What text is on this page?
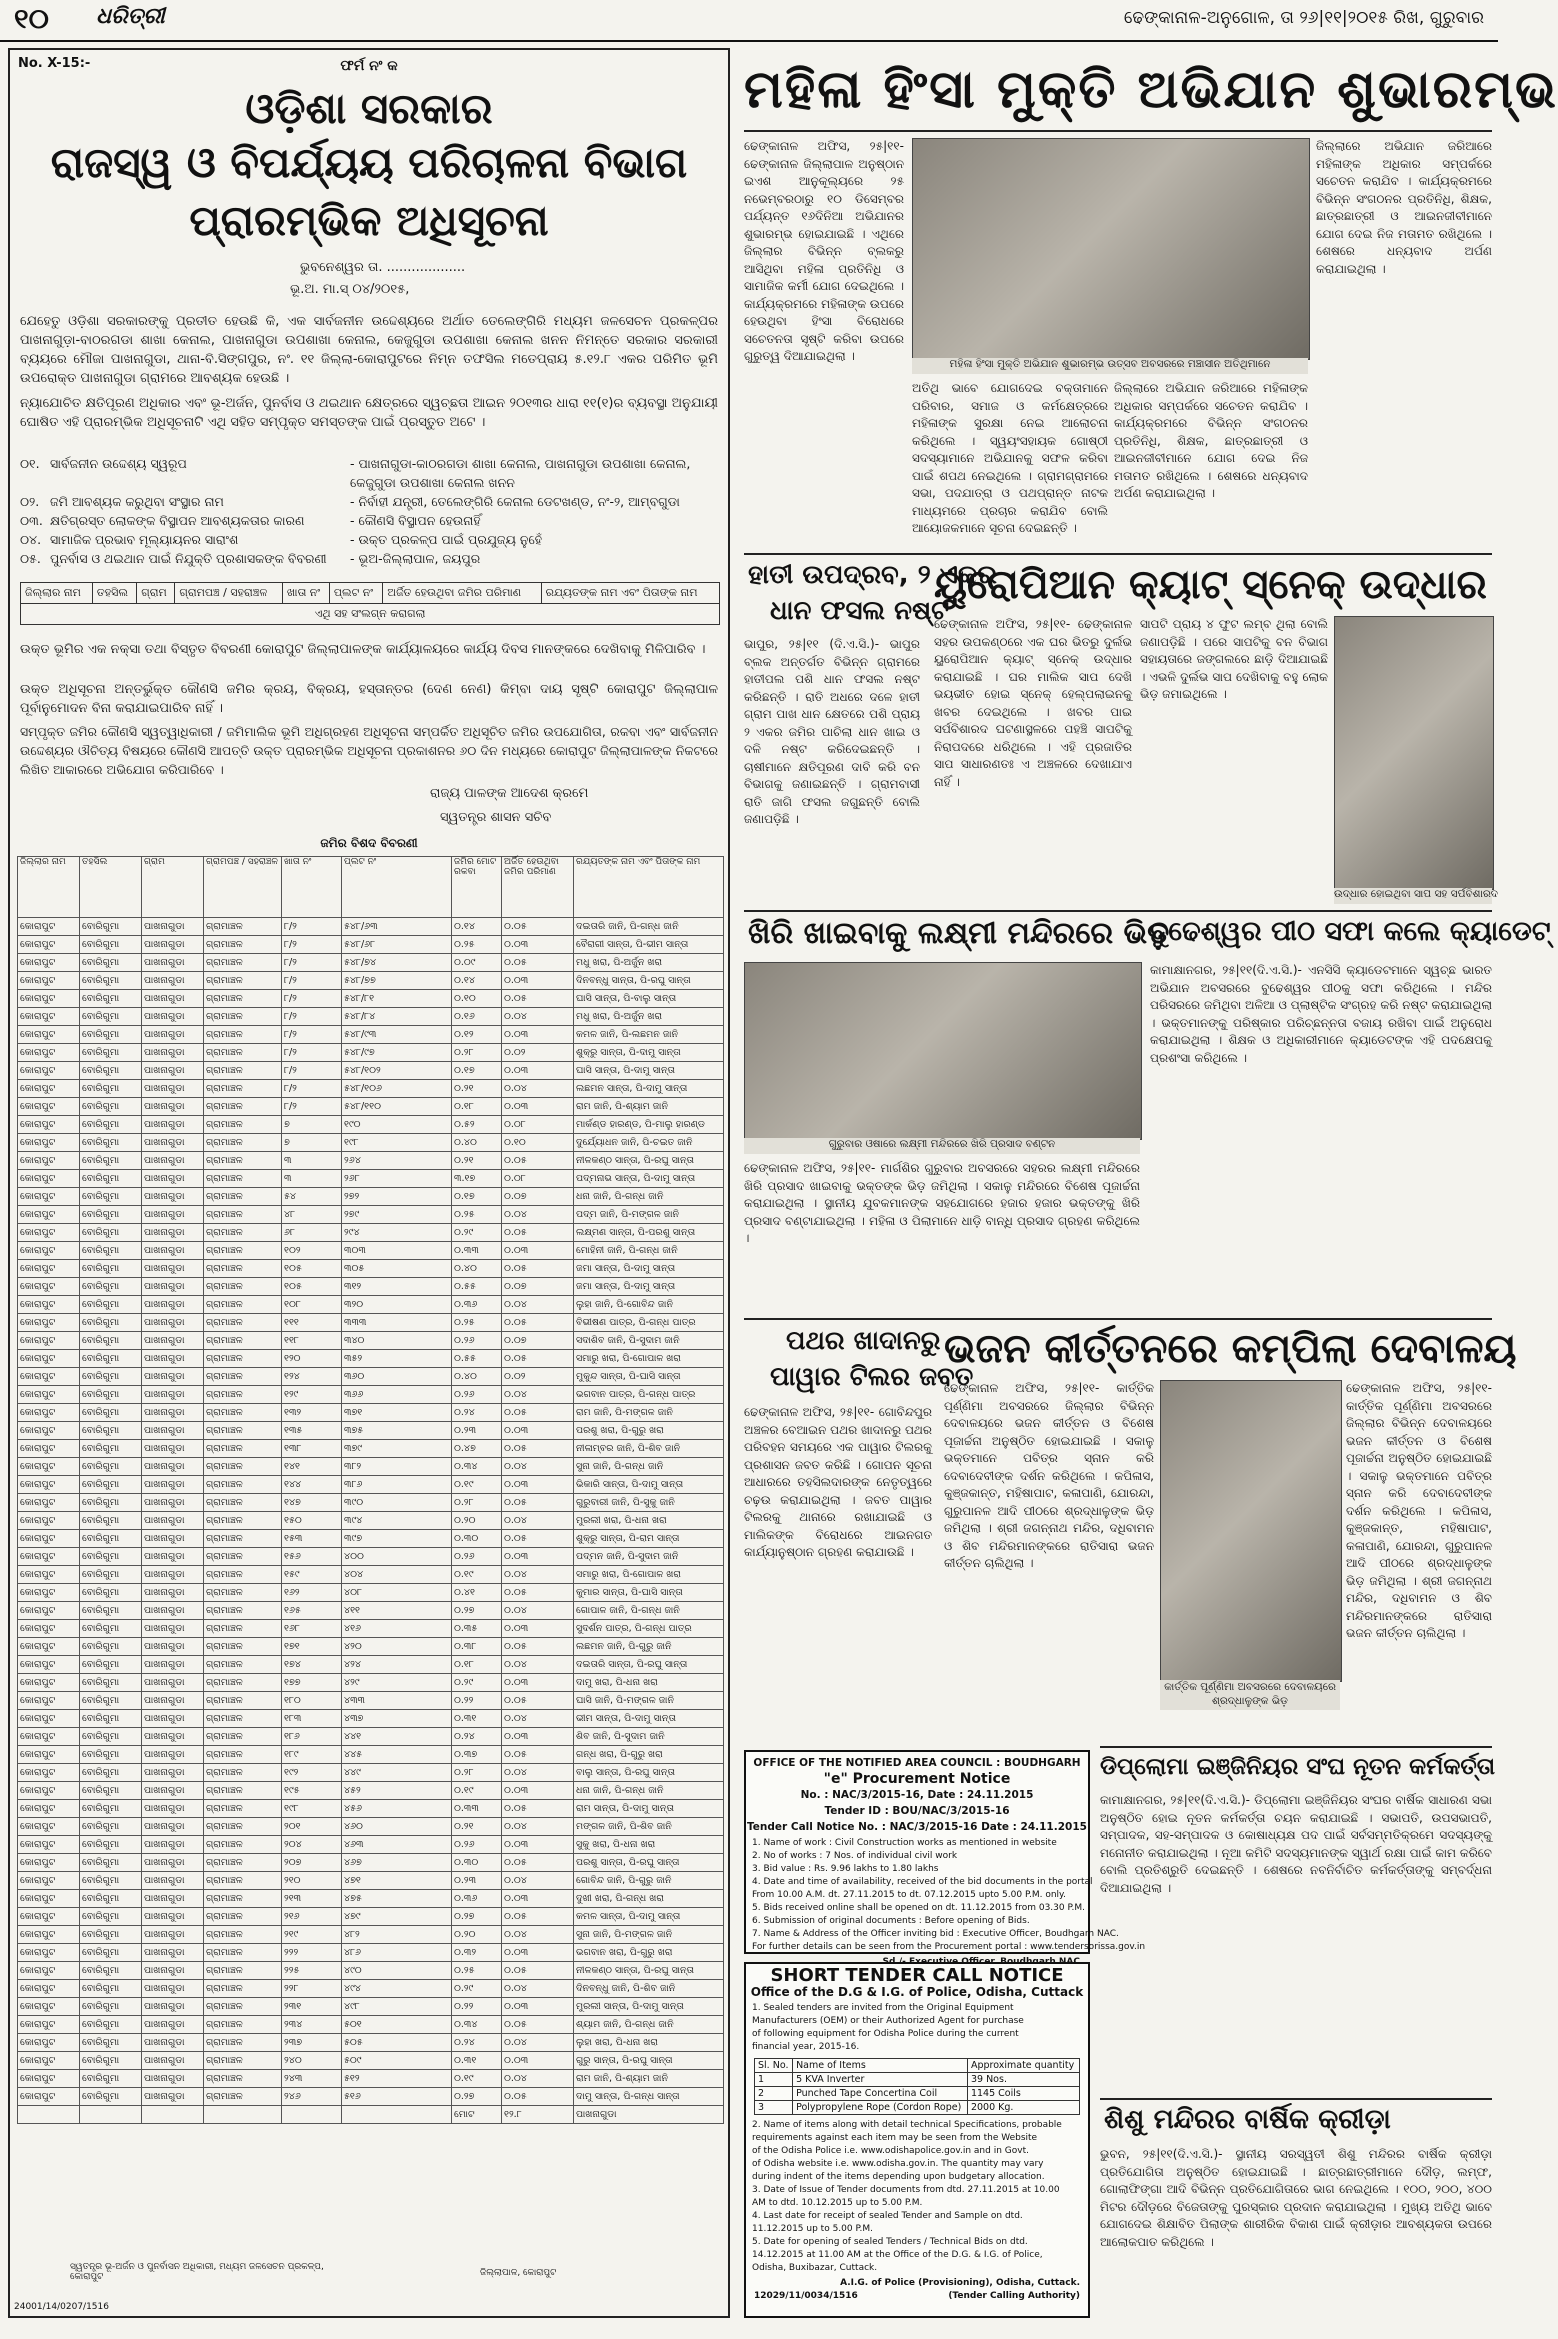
୧୦ ଧରିତ୍ରୀ	ଢେଙ୍କାନାଳ-ଅନୁଗୋଳ, ତା ୨୬|୧୧|୨୦୧୫ ରିଖ, ଗୁରୁବାର
No. X-15:-	ଫର୍ମ ନଂ କ
ଓଡ଼ିଶା ସରକାର
ରାଜସ୍ୱ ଓ ବିପର୍ଯ୍ୟୟ ପରିଚାଳନା ବିଭାଗ
ପ୍ରାରମ୍ଭିକ ଅଧିସୂଚନା
ଭୁବନେଶ୍ୱର ତା. ...................
ଭୂ.ଅ. ମା.ସ୍ ୦୪/୨୦୧୫,
ଯେହେତୁ ଓଡ଼ିଶା ସରକାରଙ୍କୁ ପ୍ରତୀତ ହେଉଛି କି, ଏକ ସାର୍ବଜନୀନ ଉଦ୍ଦେଶ୍ୟରେ ଅର୍ଥାତ ତେଲେଙ୍ଗିରି ମଧ୍ୟମ ଜଳସେଚନ ପ୍ରକଳ୍ପର ପାଖନାଗୁଡ଼ା-ବାଠରଗଡା ଶାଖା କେନାଲ, ପାଖନାଗୁଡା ଉପଶାଖା କେନାଲ, କେଜୁଗୁଡା ଉପଶାଖା କେନାଲ ଖନନ ନିମନ୍ତେ ସରକାର ସରକାରୀ ବ୍ୟୟରେ ମୌଜା ପାଖନାଗୁଡା, ଥାନା-ବି.ସିଙ୍ଗପୁର, ନଂ. ୧୧ ଜିଲ୍ଲା-କୋରାପୁଟରେ ନିମ୍ନ ତଫସିଲ ମତେପ୍ରାୟ ୫.୧୨.୮ ଏକର ପରିମିତ ଭୂମି ଉପରୋକ୍ତ ପାଖନାଗୁଡା ଗ୍ରାମରେ ଆବଶ୍ୟକ ହେଉଛି ।
ନ୍ୟାଯୋଚିତ କ୍ଷତିପୂରଣ ଅଧିକାର ଏବଂ ଭୂ-ଅର୍ଜନ, ପୁନର୍ବାସ ଓ ଥଇଥାନ କ୍ଷେତ୍ରରେ ସ୍ୱଚ୍ଛତା ଆଇନ ୨୦୧୩ର ଧାରା ୧୧(୧)ର ବ୍ୟବସ୍ଥା ଅନୁଯାୟୀ ଘୋଷିତ ଏହି ପ୍ରାରମ୍ଭିକ ଅଧିସୂଚନାଟି ଏଥି ସହିତ ସମ୍ପୃକ୍ତ ସମସ୍ତଙ୍କ ପାଇଁ ପ୍ରସ୍ତୁତ ଅଟେ ।
୦୧. ସାର୍ବଜନୀନ ଉଦ୍ଦେଶ୍ୟ ସ୍ୱରୂପ	- ପାଖନାଗୁଡା-କାଠରଗଡା ଶାଖା କେନାଲ, ପାଖନାଗୁଡା ଉପଶାଖା କେନାଲ,
କେଜୁଗୁଡା ଉପଶାଖା କେନାଲ ଖନନ
୦୨. ଜମି ଆବଶ୍ୟକ କରୁଥିବା ସଂସ୍ଥାର ନାମ	- ନିର୍ବାହୀ ଯନ୍ତ୍ରୀ, ତେଲେଙ୍ଗିରି କେନାଲ ଡେଟଖଣ୍ଡ, ନଂ-୨, ଆମ୍ବଗୁଡା
୦୩. କ୍ଷତିଗ୍ରସ୍ତ ଲୋକଙ୍କ ବିସ୍ଥାପନ ଆବଶ୍ୟକତାର କାରଣ	- କୌଣସି ବିସ୍ଥାପନ ହେଉନାହିଁ
୦୪. ସାମାଜିକ ପ୍ରଭାବ ମୂଲ୍ୟାୟନର ସାରାଂଶ	- ଉକ୍ତ ପ୍ରକଳ୍ପ ପାଇଁ ପ୍ରଯୁଜ୍ୟ ନୁହେଁ
୦୫. ପୁନର୍ବାସ ଓ ଥଇଥାନ ପାଇଁ ନିଯୁକ୍ତି ପ୍ରଶାସକଙ୍କ ବିବରଣୀ	- ଭୂଅ-ଜିଲ୍ଲାପାଳ, ଜୟପୁର
ଜିଲ୍ଲାର ନାମ	ତହସିଲ	ଗ୍ରାମ	ଗ୍ରାମପଞ୍ଚ / ସହରାଞ୍ଚଳ	ଖାତା ନଂ	ପ୍ଲଟ ନଂ	ଅର୍ଜିତ ହେଉଥିବା ଜମିର ପରିମାଣ	ରଯ୍ୟତଙ୍କ ନାମ ଏବଂ ପିତାଙ୍କ ନାମ
ଏଥି ସହ ସଂଲଗ୍ନ କରାଗଲା
ଉକ୍ତ ଭୂମିର ଏକ ନକ୍ସା ତଥା ବିସ୍ତୃତ ବିବରଣୀ କୋରାପୁଟ ଜିଲ୍ଲାପାଳଙ୍କ କାର୍ଯ୍ୟାଳୟରେ କାର୍ଯ୍ୟ ଦିବସ ମାନଙ୍କରେ ଦେଖିବାକୁ ମିଳିପାରିବ ।
ଉକ୍ତ ଅଧିସୂଚନା ଅନ୍ତର୍ଭୁକ୍ତ କୌଣସି ଜମିର କ୍ରୟ, ବିକ୍ରୟ, ହସ୍ତାନ୍ତର (ଦେଣ ନେଣ) କିମ୍ବା ଦାୟ ସୃଷ୍ଟି କୋରାପୁଟ ଜିଲ୍ଲାପାଳ ପୂର୍ବାନୁମୋଦନ ବିନା କରାଯାଇପାରିବ ନାହିଁ ।
ସମ୍ପୃକ୍ତ ଜମିର କୌଣସି ସ୍ୱତ୍ୱାଧିକାରୀ / ଜମିମାଲିକ ଭୂମି ଅଧିଗ୍ରହଣ ଅଧିସୂଚନା ସମ୍ପର୍କିତ ଅଧିସୂଚିତ ଜମିର ଉପଯୋଗିତା, ରକବା ଏବଂ ସାର୍ବଜନୀନ ଉଦ୍ଦେଶ୍ୟର ଔଚିତ୍ୟ ବିଷୟରେ କୌଣସି ଆପତ୍ତି ଉକ୍ତ ପ୍ରାରମ୍ଭିକ ଅଧିସୂଚନା ପ୍ରକାଶନର ୬୦ ଦିନ ମଧ୍ୟରେ କୋରାପୁଟ ଜିଲ୍ଲାପାଳଙ୍କ ନିକଟରେ ଲିଖିତ ଆକାରରେ ଅଭିଯୋଗ କରିପାରିବେ ।
ରାଜ୍ୟ ପାଳଙ୍କ ଆଦେଶ କ୍ରମେ
ସ୍ୱତନ୍ତ୍ର ଶାସନ ସଚିବ
ଜମିର ବିଶଦ ବିବରଣୀ
ଜିଲ୍ଲାର ନାମ	ତହସିଲ	ଗ୍ରାମ	ଗ୍ରାମପଞ୍ଚ / ସହରାଞ୍ଚଳ	ଖାତା ନଂ	ପ୍ଲଟ ନଂ	ଜମିର ମୋଟ ରକବା	ଅର୍ଜିତ ହେଉଥିବା ଜମିର ପରିମାଣ	ରଯ୍ୟତଙ୍କ ନାମ ଏବଂ ପିତାଙ୍କ ନାମ
କୋରାପୁଟ	ବୋରିଗୁମା	ପାଖନାଗୁଡା	ଗ୍ରାମାଞ୍ଚଳ	୮/୨	୫୪୮/୬୩	୦.୧୪	୦.୦୫	ଦଇତାରି ଜାନି, ପି-ଗନ୍ଧ ଜାନି
କୋରାପୁଟ	ବୋରିଗୁମା	ପାଖନାଗୁଡା	ଗ୍ରାମାଞ୍ଚଳ	୮/୨	୫୪୮/୬୮	୦.୨୫	୦.୦୩	ବୈରାଗୀ ସାନ୍ତା, ପି-ଭୀମ ସାନ୍ତା
କୋରାପୁଟ	ବୋରିଗୁମା	ପାଖନାଗୁଡା	ଗ୍ରାମାଞ୍ଚଳ	୮/୨	୫୪୮/୭୪	୦.୦୯	୦.୦୫	ମଧୁ ଖରା, ପି-ଅର୍ଜୁନ ଖରା
କୋରାପୁଟ	ବୋରିଗୁମା	ପାଖନାଗୁଡା	ଗ୍ରାମାଞ୍ଚଳ	୮/୨	୫୪୮/୭୭	୦.୧୪	୦.୦୩	ଦିନବନ୍ଧୁ ସାନ୍ତା, ପି-ରଘୁ ସାନ୍ତା
କୋରାପୁଟ	ବୋରିଗୁମା	ପାଖନାଗୁଡା	ଗ୍ରାମାଞ୍ଚଳ	୮/୨	୫୪୮/୮୧	୦.୧୦	୦.୦୫	ଘାସି ସାନ୍ତା, ପି-ବାଲୁ ସାନ୍ତା
କୋରାପୁଟ	ବୋରିଗୁମା	ପାଖନାଗୁଡା	ଗ୍ରାମାଞ୍ଚଳ	୮/୨	୫୪୮/୮୪	୦.୧୬	୦.୦୪	ମଧୁ ଖରା, ପି-ଅର୍ଜୁନ ଖରା
କୋରାପୁଟ	ବୋରିଗୁମା	ପାଖନାଗୁଡା	ଗ୍ରାମାଞ୍ଚଳ	୮/୨	୫୪୮/୯୩	୦.୧୨	୦.୦୩	କମଳ ଜାନି, ପି-ଲଛମନ ଜାନି
କୋରାପୁଟ	ବୋରିଗୁମା	ପାଖନାଗୁଡା	ଗ୍ରାମାଞ୍ଚଳ	୮/୨	୫୪୮/୯୭	୦.୨୮	୦.୦୨	ଶୁକ୍ରୁ ସାନ୍ତା, ପି-ଦାମୁ ସାନ୍ତା
କୋରାପୁଟ	ବୋରିଗୁମା	ପାଖନାଗୁଡା	ଗ୍ରାମାଞ୍ଚଳ	୮/୨	୫୪୮/୧୦୨	୦.୧୭	୦.୦୩	ଘାସି ସାନ୍ତା, ପି-ଦାମୁ ସାନ୍ତା
କୋରାପୁଟ	ବୋରିଗୁମା	ପାଖନାଗୁଡା	ଗ୍ରାମାଞ୍ଚଳ	୮/୨	୫୪୮/୧୦୬	୦.୨୧	୦.୦୪	ଲଛମନ ସାନ୍ତା, ପି-ଦାମୁ ସାନ୍ତା
କୋରାପୁଟ	ବୋରିଗୁମା	ପାଖନାଗୁଡା	ଗ୍ରାମାଞ୍ଚଳ	୮/୨	୫୪୮/୧୧୦	୦.୧୮	୦.୦୩	ରାମ ଜାନି, ପି-ଶ୍ୟାମ ଜାନି
କୋରାପୁଟ	ବୋରିଗୁମା	ପାଖନାଗୁଡା	ଗ୍ରାମାଞ୍ଚଳ	୭	୧୯୦	୦.୫୨	୦.୦୮	ମାର୍କଣ୍ଡ ହାରଣ୍ଡ, ପି-ମାଲୁ ହାରଣ୍ଡ
କୋରାପୁଟ	ବୋରିଗୁମା	ପାଖନାଗୁଡା	ଗ୍ରାମାଞ୍ଚଳ	୭	୧୯୮	୦.୪୦	୦.୧୦	ଦୁର୍ଯ୍ୟୋଧନ ଜାନି, ପି-ଚଇତ ଜାନି
କୋରାପୁଟ	ବୋରିଗୁମା	ପାଖନାଗୁଡା	ଗ୍ରାମାଞ୍ଚଳ	୩	୨୬୪	୦.୨୧	୦.୦୫	ନୀଳକଣ୍ଠ ସାନ୍ତା, ପି-ରଘୁ ସାନ୍ତା
କୋରାପୁଟ	ବୋରିଗୁମା	ପାଖନାଗୁଡା	ଗ୍ରାମାଞ୍ଚଳ	୩	୨୬୮	୩.୧୭	୦.୦୮	ପଦ୍ମନାଭ ସାନ୍ତା, ପି-ଦାମୁ ସାନ୍ତା
କୋରାପୁଟ	ବୋରିଗୁମା	ପାଖନାଗୁଡା	ଗ୍ରାମାଞ୍ଚଳ	୫୪	୨୭୨	୦.୧୭	୦.୦୭	ଧନା ଜାନି, ପି-ଗନ୍ଧ ଜାନି
କୋରାପୁଟ	ବୋରିଗୁମା	ପାଖନାଗୁଡା	ଗ୍ରାମାଞ୍ଚଳ	୪୮	୨୭୯	୦.୨୫	୦.୦୪	ପଦ୍ମ ଜାନି, ପି-ମଙ୍ଗଳ ଜାନି
କୋରାପୁଟ	ବୋରିଗୁମା	ପାଖନାଗୁଡା	ଗ୍ରାମାଞ୍ଚଳ	୬୮	୨୯୪	୦.୨୯	୦.୦୫	ଲକ୍ଷ୍ମଣ ସାନ୍ତା, ପି-ପରଶୁ ସାନ୍ତା
କୋରାପୁଟ	ବୋରିଗୁମା	ପାଖନାଗୁଡା	ଗ୍ରାମାଞ୍ଚଳ	୧୦୨	୩୦୩	୦.୩୩	୦.୦୩	ମୋହିନୀ ଜାନି, ପି-ଗନ୍ଧ ଜାନି
କୋରାପୁଟ	ବୋରିଗୁମା	ପାଖନାଗୁଡା	ଗ୍ରାମାଞ୍ଚଳ	୧୦୫	୩୦୫	୦.୪୦	୦.୦୫	ଜମା ସାନ୍ତା, ପି-ଦାମୁ ସାନ୍ତା
କୋରାପୁଟ	ବୋରିଗୁମା	ପାଖନାଗୁଡା	ଗ୍ରାମାଞ୍ଚଳ	୧୦୫	୩୧୨	୦.୫୫	୦.୦୭	ଜମା ସାନ୍ତା, ପି-ଦାମୁ ସାନ୍ତା
କୋରାପୁଟ	ବୋରିଗୁମା	ପାଖନାଗୁଡା	ଗ୍ରାମାଞ୍ଚଳ	୧୦୮	୩୨୦	୦.୩୬	୦.୦୪	ଲୁହା ଜାନି, ପି-ଗୋବିନ୍ଦ ଜାନି
କୋରାପୁଟ	ବୋରିଗୁମା	ପାଖନାଗୁଡା	ଗ୍ରାମାଞ୍ଚଳ	୧୧୧	୩୩୩	୦.୨୫	୦.୦୫	ବିଭୀଷଣ ପାତ୍ର, ପି-ଗନ୍ଧ ପାତ୍ର
କୋରାପୁଟ	ବୋରିଗୁମା	ପାଖନାଗୁଡା	ଗ୍ରାମାଞ୍ଚଳ	୧୧୮	୩୪୦	୦.୨୬	୦.୦୭	ସଦାଶିବ ଜାନି, ପି-ସୁଦାମ ଜାନି
କୋରାପୁଟ	ବୋରିଗୁମା	ପାଖନାଗୁଡା	ଗ୍ରାମାଞ୍ଚଳ	୧୨୦	୩୫୨	୦.୫୫	୦.୦୫	ସମାରୁ ଖରା, ପି-ଗୋପାଳ ଖରା
କୋରାପୁଟ	ବୋରିଗୁମା	ପାଖନାଗୁଡା	ଗ୍ରାମାଞ୍ଚଳ	୧୨୪	୩୬୦	୦.୪୦	୦.୦୨	ମୁକୁନ୍ଦ ସାନ୍ତା, ପି-ଘାସି ସାନ୍ତା
କୋରାପୁଟ	ବୋରିଗୁମା	ପାଖନାଗୁଡା	ଗ୍ରାମାଞ୍ଚଳ	୧୨୯	୩୬୬	୦.୨୬	୦.୦୪	ଭଗବାନ ପାତ୍ର, ପି-ଗନ୍ଧ ପାତ୍ର
କୋରାପୁଟ	ବୋରିଗୁମା	ପାଖନାଗୁଡା	ଗ୍ରାମାଞ୍ଚଳ	୧୩୨	୩୭୧	୦.୨୪	୦.୦୫	ରାମ ଜାନି, ପି-ମଙ୍ଗଳ ଜାନି
କୋରାପୁଟ	ବୋରିଗୁମା	ପାଖନାଗୁଡା	ଗ୍ରାମାଞ୍ଚଳ	୧୩୫	୩୭୫	୦.୨୩	୦.୦୩	ପରଶୁ ଖରା, ପି-ଗୁରୁ ଖରା
କୋରାପୁଟ	ବୋରିଗୁମା	ପାଖନାଗୁଡା	ଗ୍ରାମାଞ୍ଚଳ	୧୩୮	୩୭୯	୦.୪୭	୦.୦୫	ନୀଳାମ୍ବର ଜାନି, ପି-ଶିବ ଜାନି
କୋରାପୁଟ	ବୋରିଗୁମା	ପାଖନାଗୁଡା	ଗ୍ରାମାଞ୍ଚଳ	୧୪୧	୩୮୨	୦.୩୪	୦.୦୪	ସୁନା ଜାନି, ପି-ଗନ୍ଧ ଜାନି
କୋରାପୁଟ	ବୋରିଗୁମା	ପାଖନାଗୁଡା	ଗ୍ରାମାଞ୍ଚଳ	୧୪୪	୩୮୬	୦.୧୯	୦.୦୩	ଭିକାରି ସାନ୍ତା, ପି-ଦାମୁ ସାନ୍ତା
କୋରାପୁଟ	ବୋରିଗୁମା	ପାଖନାଗୁଡା	ଗ୍ରାମାଞ୍ଚଳ	୧୪୭	୩୯୦	୦.୨୮	୦.୦୫	ଗୁରୁବାରୀ ଜାନି, ପି-ସୁକୁ ଜାନି
କୋରାପୁଟ	ବୋରିଗୁମା	ପାଖନାଗୁଡା	ଗ୍ରାମାଞ୍ଚଳ	୧୫୦	୩୯୪	୦.୨୦	୦.୦୪	ମୁରଲୀ ଖରା, ପି-ଧନା ଖରା
କୋରାପୁଟ	ବୋରିଗୁମା	ପାଖନାଗୁଡା	ଗ୍ରାମାଞ୍ଚଳ	୧୫୩	୩୯୭	୦.୩୦	୦.୦୫	ଶୁକ୍ରୁ ସାନ୍ତା, ପି-ରାମ ସାନ୍ତା
କୋରାପୁଟ	ବୋରିଗୁମା	ପାଖନାଗୁଡା	ଗ୍ରାମାଞ୍ଚଳ	୧୫୬	୪୦୦	୦.୨୬	୦.୦୩	ପଦ୍ମନ ଜାନି, ପି-ସୁଦାମ ଜାନି
କୋରାପୁଟ	ବୋରିଗୁମା	ପାଖନାଗୁଡା	ଗ୍ରାମାଞ୍ଚଳ	୧୫୯	୪୦୪	୦.୧୯	୦.୦୪	ସମାରୁ ଖରା, ପି-ଗୋପାଳ ଖରା
କୋରାପୁଟ	ବୋରିଗୁମା	ପାଖନାଗୁଡା	ଗ୍ରାମାଞ୍ଚଳ	୧୬୨	୪୦୮	୦.୪୧	୦.୦୫	କୁମାର ସାନ୍ତା, ପି-ଘାସି ସାନ୍ତା
କୋରାପୁଟ	ବୋରିଗୁମା	ପାଖନାଗୁଡା	ଗ୍ରାମାଞ୍ଚଳ	୧୬୫	୪୧୧	୦.୨୭	୦.୦୪	ଗୋପାଳ ଜାନି, ପି-ଗନ୍ଧ ଜାନି
କୋରାପୁଟ	ବୋରିଗୁମା	ପାଖନାଗୁଡା	ଗ୍ରାମାଞ୍ଚଳ	୧୬୮	୪୧୬	୦.୩୫	୦.୦୩	ସୁଦର୍ଶନ ପାତ୍ର, ପି-ଗନ୍ଧ ପାତ୍ର
କୋରାପୁଟ	ବୋରିଗୁମା	ପାଖନାଗୁଡା	ଗ୍ରାମାଞ୍ଚଳ	୧୭୧	୪୨୦	୦.୩୮	୦.୦୫	ଲଛମନ ଜାନି, ପି-ଗୁରୁ ଜାନି
କୋରାପୁଟ	ବୋରିଗୁମା	ପାଖନାଗୁଡା	ଗ୍ରାମାଞ୍ଚଳ	୧୭୪	୪୨୪	୦.୧୮	୦.୦୪	ଦଇତାରି ସାନ୍ତା, ପି-ରଘୁ ସାନ୍ତା
କୋରାପୁଟ	ବୋରିଗୁମା	ପାଖନାଗୁଡା	ଗ୍ରାମାଞ୍ଚଳ	୧୭୭	୪୨୯	୦.୨୯	୦.୦୩	ଦାମୁ ଖରା, ପି-ଧନା ଖରା
କୋରାପୁଟ	ବୋରିଗୁମା	ପାଖନାଗୁଡା	ଗ୍ରାମାଞ୍ଚଳ	୧୮୦	୪୩୩	୦.୨୨	୦.୦୫	ଘାସି ଜାନି, ପି-ମଙ୍ଗଳ ଜାନି
କୋରାପୁଟ	ବୋରିଗୁମା	ପାଖନାଗୁଡା	ଗ୍ରାମାଞ୍ଚଳ	୧୮୩	୪୩୭	୦.୩୧	୦.୦୪	ଭୀମ ସାନ୍ତା, ପି-ଦାମୁ ସାନ୍ତା
କୋରାପୁଟ	ବୋରିଗୁମା	ପାଖନାଗୁଡା	ଗ୍ରାମାଞ୍ଚଳ	୧୮୬	୪୪୧	୦.୨୪	୦.୦୩	ଶିବ ଜାନି, ପି-ସୁଦାମ ଜାନି
କୋରାପୁଟ	ବୋରିଗୁମା	ପାଖନାଗୁଡା	ଗ୍ରାମାଞ୍ଚଳ	୧୮୯	୪୪୫	୦.୩୭	୦.୦୫	ଗନ୍ଧ ଖରା, ପି-ଗୁରୁ ଖରା
କୋରାପୁଟ	ବୋରିଗୁମା	ପାଖନାଗୁଡା	ଗ୍ରାମାଞ୍ଚଳ	୧୯୨	୪୪୯	୦.୨୮	୦.୦୪	ବାଲୁ ସାନ୍ତା, ପି-ରଘୁ ସାନ୍ତା
କୋରାପୁଟ	ବୋରିଗୁମା	ପାଖନାଗୁଡା	ଗ୍ରାମାଞ୍ଚଳ	୧୯୫	୪୫୨	୦.୧୯	୦.୦୩	ଧନା ଜାନି, ପି-ଗନ୍ଧ ଜାନି
କୋରାପୁଟ	ବୋରିଗୁମା	ପାଖନାଗୁଡା	ଗ୍ରାମାଞ୍ଚଳ	୧୯୮	୪୫୬	୦.୩୩	୦.୦୫	ରାମ ସାନ୍ତା, ପି-ଦାମୁ ସାନ୍ତା
କୋରାପୁଟ	ବୋରିଗୁମା	ପାଖନାଗୁଡା	ଗ୍ରାମାଞ୍ଚଳ	୨୦୧	୪୬୦	୦.୨୧	୦.୦୪	ମଙ୍ଗଳ ଜାନି, ପି-ଶିବ ଜାନି
କୋରାପୁଟ	ବୋରିଗୁମା	ପାଖନାଗୁଡା	ଗ୍ରାମାଞ୍ଚଳ	୨୦୪	୪୬୩	୦.୨୬	୦.୦୩	ସୁକୁ ଖରା, ପି-ଧନା ଖରା
କୋରାପୁଟ	ବୋରିଗୁମା	ପାଖନାଗୁଡା	ଗ୍ରାମାଞ୍ଚଳ	୨୦୭	୪୬୭	୦.୩୦	୦.୦୫	ପରଶୁ ସାନ୍ତା, ପି-ରଘୁ ସାନ୍ତା
କୋରାପୁଟ	ବୋରିଗୁମା	ପାଖନାଗୁଡା	ଗ୍ରାମାଞ୍ଚଳ	୨୧୦	୪୭୧	୦.୨୩	୦.୦୪	ଗୋବିନ୍ଦ ଜାନି, ପି-ଗୁରୁ ଜାନି
କୋରାପୁଟ	ବୋରିଗୁମା	ପାଖନାଗୁଡା	ଗ୍ରାମାଞ୍ଚଳ	୨୧୩	୪୭୫	୦.୩୬	୦.୦୩	ଦୁଖୀ ଖରା, ପି-ଗନ୍ଧ ଖରା
କୋରାପୁଟ	ବୋରିଗୁମା	ପାଖନାଗୁଡା	ଗ୍ରାମାଞ୍ଚଳ	୨୧୬	୪୭୯	୦.୨୭	୦.୦୫	କମଳ ସାନ୍ତା, ପି-ଦାମୁ ସାନ୍ତା
କୋରାପୁଟ	ବୋରିଗୁମା	ପାଖନାଗୁଡା	ଗ୍ରାମାଞ୍ଚଳ	୨୧୯	୪୮୨	୦.୨୦	୦.୦୪	ସୁନା ଜାନି, ପି-ମଙ୍ଗଳ ଜାନି
କୋରାପୁଟ	ବୋରିଗୁମା	ପାଖନାଗୁଡା	ଗ୍ରାମାଞ୍ଚଳ	୨୨୨	୪୮୬	୦.୩୨	୦.୦୩	ଭଗବାନ ଖରା, ପି-ଗୁରୁ ଖରା
କୋରାପୁଟ	ବୋରିଗୁମା	ପାଖନାଗୁଡା	ଗ୍ରାମାଞ୍ଚଳ	୨୨୫	୪୯୦	୦.୨୫	୦.୦୫	ନୀଳକଣ୍ଠ ସାନ୍ତା, ପି-ରଘୁ ସାନ୍ତା
କୋରାପୁଟ	ବୋରିଗୁମା	ପାଖନାଗୁଡା	ଗ୍ରାମାଞ୍ଚଳ	୨୨୮	୪୯୪	୦.୨୯	୦.୦୪	ଦିନବନ୍ଧୁ ଜାନି, ପି-ଶିବ ଜାନି
କୋରାପୁଟ	ବୋରିଗୁମା	ପାଖନାଗୁଡା	ଗ୍ରାମାଞ୍ଚଳ	୨୩୧	୪୯୮	୦.୨୨	୦.୦୩	ମୁରଲୀ ସାନ୍ତା, ପି-ଦାମୁ ସାନ୍ତା
କୋରାପୁଟ	ବୋରିଗୁମା	ପାଖନାଗୁଡା	ଗ୍ରାମାଞ୍ଚଳ	୨୩୪	୫୦୧	୦.୩୪	୦.୦୫	ଶ୍ୟାମ ଜାନି, ପି-ଗନ୍ଧ ଜାନି
କୋରାପୁଟ	ବୋରିଗୁମା	ପାଖନାଗୁଡା	ଗ୍ରାମାଞ୍ଚଳ	୨୩୭	୫୦୫	୦.୨୪	୦.୦୪	ଲୁହା ଖରା, ପି-ଧନା ଖରା
କୋରାପୁଟ	ବୋରିଗୁମା	ପାଖନାଗୁଡା	ଗ୍ରାମାଞ୍ଚଳ	୨୪୦	୫୦୯	୦.୩୧	୦.୦୩	ଗୁରୁ ସାନ୍ତା, ପି-ରଘୁ ସାନ୍ତା
କୋରାପୁଟ	ବୋରିଗୁମା	ପାଖନାଗୁଡା	ଗ୍ରାମାଞ୍ଚଳ	୨୪୩	୫୧୨	୦.୧୯	୦.୦୪	ରାମ ଜାନି, ପି-ଶ୍ୟାମ ଜାନି
କୋରାପୁଟ	ବୋରିଗୁମା	ପାଖନାଗୁଡା	ଗ୍ରାମାଞ୍ଚଳ	୨୪୬	୫୧୬	୦.୨୭	୦.୦୫	ଦାମୁ ସାନ୍ତା, ପି-ଗନ୍ଧ ସାନ୍ତା
						ମୋଟ	୧୨.୮	ପାଖନାଗୁଡା
ସ୍ୱତନ୍ତ୍ର ଭୂ-ଅର୍ଜନ ଓ ପୁନର୍ବାସନ ଅଧିକାରୀ, ମଧ୍ୟମ ଜଳସେଚନ ପ୍ରକଳ୍ପ, କୋରାପୁଟ	ଜିଲ୍ଲାପାଳ, କୋରାପୁଟ
24001/14/0207/1516
ମହିଳା ହିଂସା ମୁକ୍ତି ଅଭିଯାନ ଶୁଭାରମ୍ଭ
ଢେଙ୍କାନାଳ ଅଫିସ, ୨୫|୧୧- ଢେଙ୍କାନାଳ ଜିଲ୍ଲାପାଳ ଅନୁଷ୍ଠାନ ଇଏଶ ଆନୁକୂଲ୍ୟରେ ୨୫ ନଭେମ୍ବରଠାରୁ ୧୦ ଡିସେମ୍ବର ପର୍ଯ୍ୟନ୍ତ ୧୬ଦିନିଆ ଅଭିଯାନର ଶୁଭାରମ୍ଭ ହୋଇଯାଇଛି । ଏଥିରେ ଜିଲ୍ଲାର ବିଭିନ୍ନ ବ୍ଲକରୁ ଆସିଥିବା ମହିଳା ପ୍ରତିନିଧି ଓ ସାମାଜିକ କର୍ମୀ ଯୋଗ ଦେଇଥିଲେ । କାର୍ଯ୍ୟକ୍ରମରେ ମହିଳାଙ୍କ ଉପରେ ହେଉଥିବା ହିଂସା ବିରୋଧରେ ସଚେତନତା ସୃଷ୍ଟି କରିବା ଉପରେ ଗୁରୁତ୍ୱ ଦିଆଯାଇଥିଲା ।
ମହିଳା ହିଂସା ମୁକ୍ତି ଅଭିଯାନ ଶୁଭାରମ୍ଭ ଉତ୍ସବ ଅବସରରେ ମଞ୍ଚାସୀନ ଅତିଥିମାନେ
ଅତିଥି ଭାବେ ଯୋଗଦେଇ ବକ୍ତାମାନେ ପରିବାର, ସମାଜ ଓ କର୍ମକ୍ଷେତ୍ରରେ ମହିଳାଙ୍କ ସୁରକ୍ଷା ନେଇ ଆଲୋଚନା କରିଥିଲେ । ସ୍ୱୟଂସହାୟକ ଗୋଷ୍ଠୀ ସଦସ୍ୟାମାନେ ଅଭିଯାନକୁ ସଫଳ କରିବା ପାଇଁ ଶପଥ ନେଇଥିଲେ । ଗ୍ରାମଗ୍ରାମରେ ସଭା, ପଦଯାତ୍ରା ଓ ପଥପ୍ରାନ୍ତ ନାଟକ ମାଧ୍ୟମରେ ପ୍ରଚାର କରାଯିବ ବୋଲି ଆୟୋଜକମାନେ ସୂଚନା ଦେଇଛନ୍ତି ।
ଜିଲ୍ଲାରେ ଅଭିଯାନ ଜରିଆରେ ମହିଳାଙ୍କ ଅଧିକାର ସମ୍ପର୍କରେ ସଚେତନ କରାଯିବ । କାର୍ଯ୍ୟକ୍ରମରେ ବିଭିନ୍ନ ସଂଗଠନର ପ୍ରତିନିଧି, ଶିକ୍ଷକ, ଛାତ୍ରଛାତ୍ରୀ ଓ ଆଇନଜୀବୀମାନେ ଯୋଗ ଦେଇ ନିଜ ମତାମତ ରଖିଥିଲେ । ଶେଷରେ ଧନ୍ୟବାଦ ଅର୍ପଣ କରାଯାଇଥିଲା ।
ଜିଲ୍ଲାରେ ଅଭିଯାନ ଜରିଆରେ ମହିଳାଙ୍କ ଅଧିକାର ସମ୍ପର୍କରେ ସଚେତନ କରାଯିବ । କାର୍ଯ୍ୟକ୍ରମରେ ବିଭିନ୍ନ ସଂଗଠନର ପ୍ରତିନିଧି, ଶିକ୍ଷକ, ଛାତ୍ରଛାତ୍ରୀ ଓ ଆଇନଜୀବୀମାନେ ଯୋଗ ଦେଇ ନିଜ ମତାମତ ରଖିଥିଲେ । ଶେଷରେ ଧନ୍ୟବାଦ ଅର୍ପଣ କରାଯାଇଥିଲା ।
ହାତୀ ଉପଦ୍ରବ, ୨ ଏକର
ଧାନ ଫସଲ ନଷ୍ଟ
ଭାପୁର, ୨୫|୧୧ (ଦି.ଏ.ସି.)- ଭାପୁର ବ୍ଲକ ଅନ୍ତର୍ଗତ ବିଭିନ୍ନ ଗ୍ରାମରେ ହାତୀପଲ ପଶି ଧାନ ଫସଲ ନଷ୍ଟ କରିଛନ୍ତି । ରାତି ଅଧରେ ଦଳେ ହାତୀ ଗ୍ରାମ ପାଖ ଧାନ କ୍ଷେତରେ ପଶି ପ୍ରାୟ ୨ ଏକର ଜମିର ପାଚିଲା ଧାନ ଖାଇ ଓ ଦଳି ନଷ୍ଟ କରିଦେଇଛନ୍ତି । ଚାଷୀମାନେ କ୍ଷତିପୂରଣ ଦାବି କରି ବନ ବିଭାଗକୁ ଜଣାଇଛନ୍ତି । ଗ୍ରାମବାସୀ ରାତି ଜାଗି ଫସଲ ଜଗୁଛନ୍ତି ବୋଲି ଜଣାପଡ଼ିଛି ।
ୟୁରୋପିଆନ କ୍ୟାଟ୍ ସ୍ନେକ୍ ଉଦ୍ଧାର
ଢେଙ୍କାନାଳ ଅଫିସ, ୨୫|୧୧- ଢେଙ୍କାନାଳ ସହର ଉପକଣ୍ଠରେ ଏକ ଘର ଭିତରୁ ଦୁର୍ଲଭ ୟୁରୋପିଆନ କ୍ୟାଟ୍ ସ୍ନେକ୍ ଉଦ୍ଧାର କରାଯାଇଛି । ଘର ମାଲିକ ସାପ ଦେଖି ଭୟଭୀତ ହୋଇ ସ୍ନେକ୍ ହେଲ୍ପଲାଇନକୁ ଖବର ଦେଇଥିଲେ । ଖବର ପାଇ ସର୍ପବିଶାରଦ ଘଟଣାସ୍ଥଳରେ ପହଞ୍ଚି ସାପଟିକୁ ନିରାପଦରେ ଧରିଥିଲେ । ଏହି ପ୍ରଜାତିର ସାପ ସାଧାରଣତଃ ଏ ଅଞ୍ଚଳରେ ଦେଖାଯାଏ ନାହିଁ ।
ସାପଟି ପ୍ରାୟ ୪ ଫୁଟ ଲମ୍ବ ଥିଲା ବୋଲି ଜଣାପଡ଼ିଛି । ପରେ ସାପଟିକୁ ବନ ବିଭାଗ ସହାୟତାରେ ଜଙ୍ଗଲରେ ଛାଡ଼ି ଦିଆଯାଇଛି । ଏଭଳି ଦୁର୍ଲଭ ସାପ ଦେଖିବାକୁ ବହୁ ଲୋକ ଭିଡ଼ ଜମାଇଥିଲେ ।
ଉଦ୍ଧାର ହୋଇଥିବା ସାପ ସହ ସର୍ପବିଶାରଦ
ଖିରି ଖାଇବାକୁ ଲକ୍ଷ୍ମୀ ମନ୍ଦିରରେ ଭିଡ଼
ଗୁରୁବାର ଓଷାରେ ଲକ୍ଷ୍ମୀ ମନ୍ଦିରରେ ଖିରି ପ୍ରସାଦ ବଣ୍ଟନ
ଢେଙ୍କାନାଳ ଅଫିସ, ୨୫|୧୧- ମାର୍ଗଶିର ଗୁରୁବାର ଅବସରରେ ସହରର ଲକ୍ଷ୍ମୀ ମନ୍ଦିରରେ ଖିରି ପ୍ରସାଦ ଖାଇବାକୁ ଭକ୍ତଙ୍କ ଭିଡ଼ ଜମିଥିଲା । ସକାଳୁ ମନ୍ଦିରରେ ବିଶେଷ ପୂଜାର୍ଚ୍ଚନା କରାଯାଇଥିଲା । ସ୍ଥାନୀୟ ଯୁବକମାନଙ୍କ ସହଯୋଗରେ ହଜାର ହଜାର ଭକ୍ତଙ୍କୁ ଖିରି ପ୍ରସାଦ ବଣ୍ଟାଯାଇଥିଲା । ମହିଳା ଓ ପିଲାମାନେ ଧାଡ଼ି ବାନ୍ଧି ପ୍ରସାଦ ଗ୍ରହଣ କରିଥିଲେ ।
ବୁଢେଶ୍ୱର ପୀଠ ସଫା କଲେ କ୍ୟାଡେଟ୍
କାମାକ୍ଷାନଗର, ୨୫|୧୧(ଦି.ଏ.ସି.)- ଏନସିସି କ୍ୟାଡେଟମାନେ ସ୍ୱଚ୍ଛ ଭାରତ ଅଭିଯାନ ଅବସରରେ ବୁଢେଶ୍ୱର ପୀଠକୁ ସଫା କରିଥିଲେ । ମନ୍ଦିର ପରିସରରେ ଜମିଥିବା ଅଳିଆ ଓ ପ୍ଲାଷ୍ଟିକ ସଂଗ୍ରହ କରି ନଷ୍ଟ କରାଯାଇଥିଲା । ଭକ୍ତମାନଙ୍କୁ ପରିଷ୍କାର ପରିଚ୍ଛନ୍ନତା ବଜାୟ ରଖିବା ପାଇଁ ଅନୁରୋଧ କରାଯାଇଥିଲା । ଶିକ୍ଷକ ଓ ଅଧିକାରୀମାନେ କ୍ୟାଡେଟଙ୍କ ଏହି ପଦକ୍ଷେପକୁ ପ୍ରଶଂସା କରିଥିଲେ ।
ପଥର ଖାଦାନରୁ
ପାୱାର ଟିଲର ଜବତ
ଢେଙ୍କାନାଳ ଅଫିସ, ୨୫|୧୧- ଗୋବିନ୍ଦପୁର ଅଞ୍ଚଳର ବେଆଇନ ପଥର ଖାଦାନରୁ ପଥର ପରିବହନ ସମୟରେ ଏକ ପାୱାର ଟିଲରକୁ ପ୍ରଶାସନ ଜବତ କରିଛି । ଗୋପନ ସୂଚନା ଆଧାରରେ ତହସିଲଦାରଙ୍କ ନେତୃତ୍ୱରେ ଚଢ଼ଉ କରାଯାଇଥିଲା । ଜବତ ପାୱାର ଟିଲରକୁ ଥାନାରେ ରଖାଯାଇଛି ଓ ମାଲିକଙ୍କ ବିରୋଧରେ ଆଇନଗତ କାର୍ଯ୍ୟାନୁଷ୍ଠାନ ଗ୍ରହଣ କରାଯାଉଛି ।
ଭଜନ କୀର୍ତ୍ତନରେ କମ୍ପିଲା ଦେବାଳୟ
ଢେଙ୍କାନାଳ ଅଫିସ, ୨୫|୧୧- କାର୍ତ୍ତିକ ପୂର୍ଣ୍ଣିମା ଅବସରରେ ଜିଲ୍ଲାର ବିଭିନ୍ନ ଦେବାଳୟରେ ଭଜନ କୀର୍ତ୍ତନ ଓ ବିଶେଷ ପୂଜାର୍ଚ୍ଚନା ଅନୁଷ୍ଠିତ ହୋଇଯାଇଛି । ସକାଳୁ ଭକ୍ତମାନେ ପବିତ୍ର ସ୍ନାନ କରି ଦେବାଦେବୀଙ୍କ ଦର୍ଶନ କରିଥିଲେ । କପିଳାସ, କୁଞ୍ଜକାନ୍ତ, ମହିଷାପାଟ, କଳାପାଣି, ଯୋରନ୍ଦା, ଗୁରୁପାନଳ ଆଦି ପୀଠରେ ଶ୍ରଦ୍ଧାଳୁଙ୍କ ଭିଡ଼ ଜମିଥିଲା । ଶ୍ରୀ ଜଗନ୍ନାଥ ମନ୍ଦିର, ଦଧିବାମନ ଓ ଶିବ ମନ୍ଦିରମାନଙ୍କରେ ରାତିସାରା ଭଜନ କୀର୍ତ୍ତନ ଚାଲିଥିଲା ।
କାର୍ତ୍ତିକ ପୂର୍ଣ୍ଣିମା ଅବସରରେ ଦେବାଳୟରେ ଶ୍ରଦ୍ଧାଳୁଙ୍କ ଭିଡ଼
ଢେଙ୍କାନାଳ ଅଫିସ, ୨୫|୧୧- କାର୍ତ୍ତିକ ପୂର୍ଣ୍ଣିମା ଅବସରରେ ଜିଲ୍ଲାର ବିଭିନ୍ନ ଦେବାଳୟରେ ଭଜନ କୀର୍ତ୍ତନ ଓ ବିଶେଷ ପୂଜାର୍ଚ୍ଚନା ଅନୁଷ୍ଠିତ ହୋଇଯାଇଛି । ସକାଳୁ ଭକ୍ତମାନେ ପବିତ୍ର ସ୍ନାନ କରି ଦେବାଦେବୀଙ୍କ ଦର୍ଶନ କରିଥିଲେ । କପିଳାସ, କୁଞ୍ଜକାନ୍ତ, ମହିଷାପାଟ, କଳାପାଣି, ଯୋରନ୍ଦା, ଗୁରୁପାନଳ ଆଦି ପୀଠରେ ଶ୍ରଦ୍ଧାଳୁଙ୍କ ଭିଡ଼ ଜମିଥିଲା । ଶ୍ରୀ ଜଗନ୍ନାଥ ମନ୍ଦିର, ଦଧିବାମନ ଓ ଶିବ ମନ୍ଦିରମାନଙ୍କରେ ରାତିସାରା ଭଜନ କୀର୍ତ୍ତନ ଚାଲିଥିଲା ।
OFFICE OF THE NOTIFIED AREA COUNCIL : BOUDHGARH
"e" Procurement Notice
No. : NAC/3/2015-16, Date : 24.11.2015
Tender ID : BOU/NAC/3/2015-16
Tender Call Notice No. : NAC/3/2015-16 Date : 24.11.2015
1. Name of work : Civil Construction works as mentioned in website
2. No of works : 7 Nos. of individual civil work
3. Bid value : Rs. 9.96 lakhs to 1.80 lakhs
4. Date and time of availability, received of the bid documents in the portal
From 10.00 A.M. dt. 27.11.2015 to dt. 07.12.2015 upto 5.00 P.M. only.
5. Bids received online shall be opened on dt. 11.12.2015 from 03.30 P.M.
6. Submission of original documents : Before opening of Bids.
7. Name & Address of the Officer inviting bid : Executive Officer, Boudhgarh NAC.
For further details can be seen from the Procurement portal : www.tendersorissa.gov.in
SHORT TENDER CALL NOTICE
Office of the D.G & I.G. of Police, Odisha, Cuttack
1. Sealed tenders are invited from the Original Equipment
Manufacturers (OEM) or their Authorized Agent for purchase
of following equipment for Odisha Police during the current
financial year, 2015-16.
Sl. No.	Name of Items	Approximate quantity
1	5 KVA Inverter	39 Nos.
2	Punched Tape Concertina Coil	1145 Coils
3	Polypropylene Rope (Cordon Rope)	2000 Kg.
2. Name of items along with detail technical Specifications, probable
requirements against each item may be seen from the Website
of the Odisha Police i.e. www.odishapolice.gov.in and in Govt.
of Odisha website i.e. www.odisha.gov.in. The quantity may vary
during indent of the items depending upon budgetary allocation.
3. Date of Issue of Tender documents from dtd. 27.11.2015 at 10.00
AM to dtd. 10.12.2015 up to 5.00 P.M.
4. Last date for receipt of sealed Tender and Sample on dtd.
11.12.2015 up to 5.00 P.M.
5. Date for opening of sealed Tenders / Technical Bids on dtd.
14.12.2015 at 11.00 AM at the Office of the D.G. & I.G. of Police,
Odisha, Buxibazar, Cuttack.
A.I.G. of Police (Provisioning), Odisha, Cuttack.
12029/11/0034/1516	(Tender Calling Authority)
ଡିପ୍ଲୋମା ଇଞ୍ଜିନିୟର ସଂଘ ନୂତନ କର୍ମକର୍ତ୍ତା
କାମାକ୍ଷାନଗର, ୨୫|୧୧(ଦି.ଏ.ସି.)- ଡିପ୍ଲୋମା ଇଞ୍ଜିନିୟର ସଂଘର ବାର୍ଷିକ ସାଧାରଣ ସଭା ଅନୁଷ୍ଠିତ ହୋଇ ନୂତନ କର୍ମକର୍ତ୍ତା ଚୟନ କରାଯାଇଛି । ସଭାପତି, ଉପସଭାପତି, ସମ୍ପାଦକ, ସହ-ସମ୍ପାଦକ ଓ କୋଷାଧ୍ୟକ୍ଷ ପଦ ପାଇଁ ସର୍ବସମ୍ମତିକ୍ରମେ ସଦସ୍ୟଙ୍କୁ ମନୋନୀତ କରାଯାଇଥିଲା । ନୂଆ କମିଟି ସଦସ୍ୟମାନଙ୍କ ସ୍ୱାର୍ଥ ରକ୍ଷା ପାଇଁ କାମ କରିବେ ବୋଲି ପ୍ରତିଶ୍ରୁତି ଦେଇଛନ୍ତି । ଶେଷରେ ନବନିର୍ବାଚିତ କର୍ମକର୍ତ୍ତାଙ୍କୁ ସମ୍ବର୍ଦ୍ଧନା ଦିଆଯାଇଥିଲା ।
ଶିଶୁ ମନ୍ଦିରର ବାର୍ଷିକ କ୍ରୀଡ଼ା
ଭୁବନ, ୨୫|୧୧(ଦି.ଏ.ସି.)- ସ୍ଥାନୀୟ ସରସ୍ୱତୀ ଶିଶୁ ମନ୍ଦିରର ବାର୍ଷିକ କ୍ରୀଡ଼ା ପ୍ରତିଯୋଗିତା ଅନୁଷ୍ଠିତ ହୋଇଯାଇଛି । ଛାତ୍ରଛାତ୍ରୀମାନେ ଦୌଡ଼, ଲମ୍ଫ, ଗୋଲାଫିଙ୍ଗା ଆଦି ବିଭିନ୍ନ ପ୍ରତିଯୋଗିତାରେ ଭାଗ ନେଇଥିଲେ । ୧୦୦, ୨୦୦, ୪୦୦ ମିଟର ଦୌଡ଼ରେ ବିଜେତାଙ୍କୁ ପୁରସ୍କାର ପ୍ରଦାନ କରାଯାଇଥିଲା । ମୁଖ୍ୟ ଅତିଥି ଭାବେ ଯୋଗଦେଇ ଶିକ୍ଷାବିତ ପିଲାଙ୍କ ଶାରୀରିକ ବିକାଶ ପାଇଁ କ୍ରୀଡ଼ାର ଆବଶ୍ୟକତା ଉପରେ ଆଲୋକପାତ କରିଥିଲେ ।
